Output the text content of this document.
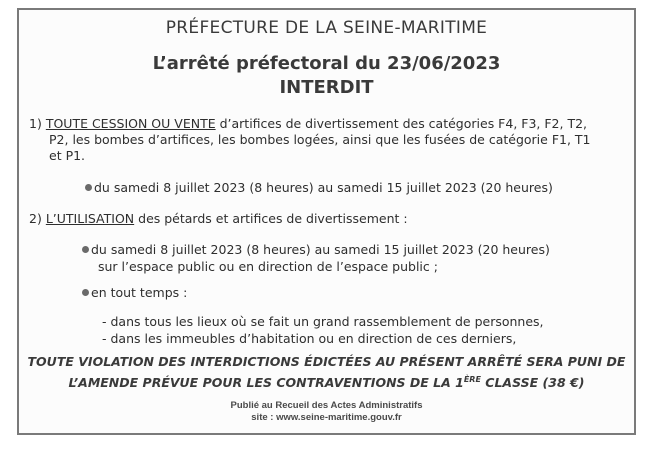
PRÉFECTURE DE LA SEINE-MARITIME
L’arrêté préfectoral du 23/06/2023
INTERDIT
1) TOUTE CESSION OU VENTE d’artifices de divertissement des catégories F4, F3, F2, T2,
P2, les bombes d’artifices, les bombes logées, ainsi que les fusées de catégorie F1, T1
et P1.
du samedi 8 juillet 2023 (8 heures) au samedi 15 juillet 2023 (20 heures)
2) L’UTILISATION des pétards et artifices de divertissement :
du samedi 8 juillet 2023 (8 heures) au samedi 15 juillet 2023 (20 heures)
sur l’espace public ou en direction de l’espace public ;
en tout temps :
- dans tous les lieux où se fait un grand rassemblement de personnes,
- dans les immeubles d’habitation ou en direction de ces derniers,
TOUTE VIOLATION DES INTERDICTIONS ÉDICTÉES AU PRÉSENT ARRÊTÉ SERA PUNI DE
L’AMENDE PRÉVUE POUR LES CONTRAVENTIONS DE LA 1ÈRE CLASSE (38 €)
Publié au Recueil des Actes Administratifs
site : www.seine-maritime.gouv.fr
